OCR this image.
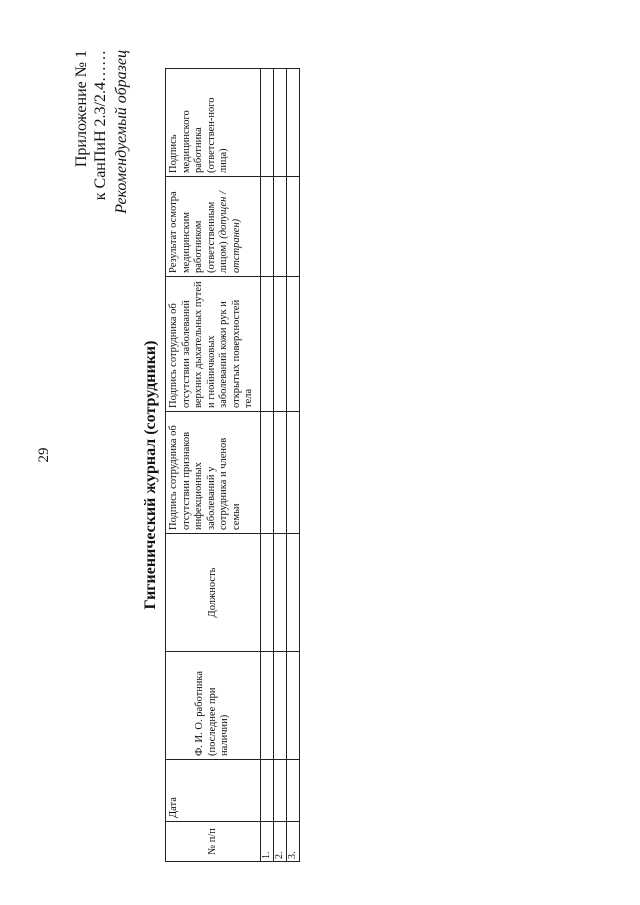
29
Приложение № 1 к СанПиН 2.3/2.4…… Рекомендуемый образец
Гигиенический журнал (сотрудники)
№ п/п	Дата	Ф. И. О. работника (последнее при наличии)	Должность	Подпись сотрудника об отсутствии признаков инфекционных заболеваний у сотрудника и членов семьи	Подпись сотрудника об отсутствии заболеваний верхних дыхательных путей и гнойничковых заболеваний кожи рук и открытых поверхностей тела	Результат осмотра медицинским работником (ответственным лицом) (допущен / отстранен)	Подпись медицинского работника (ответствен-ного лица)
1.							
2.							
3.							
